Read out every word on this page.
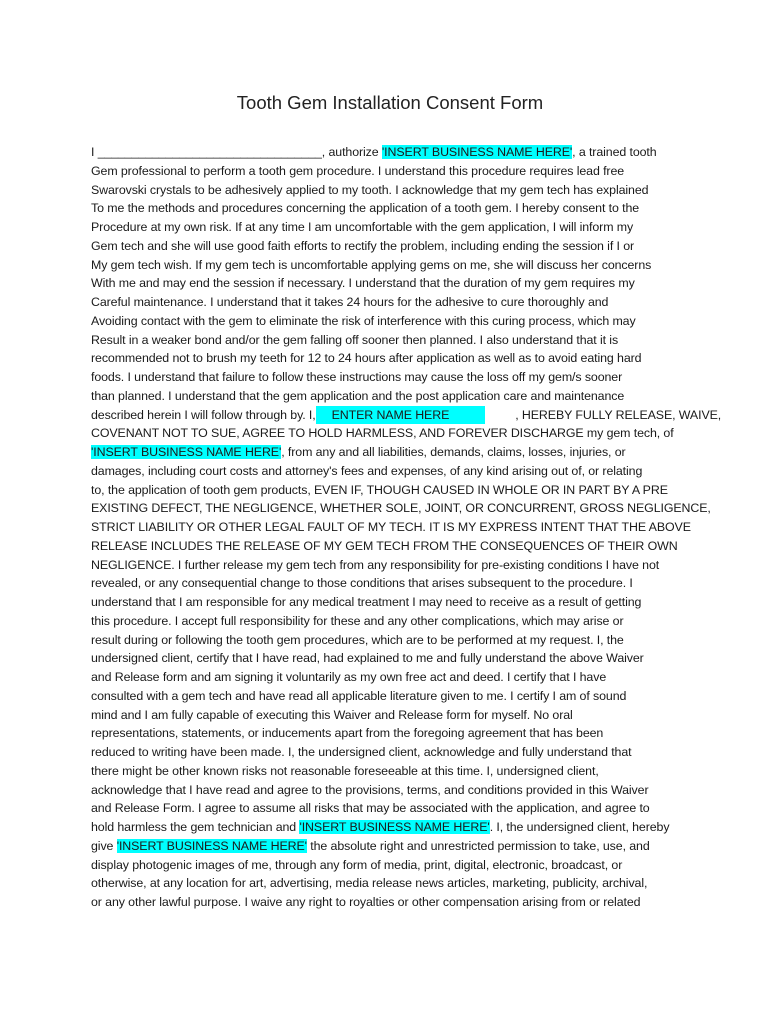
Tooth Gem Installation Consent Form
I _________________________________, authorize 'INSERT BUSINESS NAME HERE', a trained tooth
Gem professional to perform a tooth gem procedure. I understand this procedure requires lead free
Swarovski crystals to be adhesively applied to my tooth. I acknowledge that my gem tech has explained
To me the methods and procedures concerning the application of a tooth gem. I hereby consent to the
Procedure at my own risk. If at any time I am uncomfortable with the gem application, I will inform my
Gem tech and she will use good faith efforts to rectify the problem, including ending the session if I or
My gem tech wish. If my gem tech is uncomfortable applying gems on me, she will discuss her concerns
With me and may end the session if necessary. I understand that the duration of my gem requires my
Careful maintenance. I understand that it takes 24 hours for the adhesive to cure thoroughly and
Avoiding contact with the gem to eliminate the risk of interference with this curing process, which may
Result in a weaker bond and/or the gem falling off sooner then planned. I also understand that it is
recommended not to brush my teeth for 12 to 24 hours after application as well as to avoid eating hard
foods. I understand that failure to follow these instructions may cause the loss off my gem/s sooner
than planned. I understand that the gem application and the post application care and maintenance
described herein I will follow through by. I, ENTER NAME HERE	, HEREBY FULLY RELEASE, WAIVE,
COVENANT NOT TO SUE, AGREE TO HOLD HARMLESS, AND FOREVER DISCHARGE my gem tech, of
'INSERT BUSINESS NAME HERE', from any and all liabilities, demands, claims, losses, injuries, or
damages, including court costs and attorney's fees and expenses, of any kind arising out of, or relating
to, the application of tooth gem products, EVEN IF, THOUGH CAUSED IN WHOLE OR IN PART BY A PRE
EXISTING DEFECT, THE NEGLIGENCE, WHETHER SOLE, JOINT, OR CONCURRENT, GROSS NEGLIGENCE,
STRICT LIABILITY OR OTHER LEGAL FAULT OF MY TECH. IT IS MY EXPRESS INTENT THAT THE ABOVE
RELEASE INCLUDES THE RELEASE OF MY GEM TECH FROM THE CONSEQUENCES OF THEIR OWN
NEGLIGENCE. I further release my gem tech from any responsibility for pre-existing conditions I have not
revealed, or any consequential change to those conditions that arises subsequent to the procedure. I
understand that I am responsible for any medical treatment I may need to receive as a result of getting
this procedure. I accept full responsibility for these and any other complications, which may arise or
result during or following the tooth gem procedures, which are to be performed at my request. I, the
undersigned client, certify that I have read, had explained to me and fully understand the above Waiver
and Release form and am signing it voluntarily as my own free act and deed. I certify that I have
consulted with a gem tech and have read all applicable literature given to me. I certify I am of sound
mind and I am fully capable of executing this Waiver and Release form for myself. No oral
representations, statements, or inducements apart from the foregoing agreement that has been
reduced to writing have been made. I, the undersigned client, acknowledge and fully understand that
there might be other known risks not reasonable foreseeable at this time. I, undersigned client,
acknowledge that I have read and agree to the provisions, terms, and conditions provided in this Waiver
and Release Form. I agree to assume all risks that may be associated with the application, and agree to
hold harmless the gem technician and 'INSERT BUSINESS NAME HERE'. I, the undersigned client, hereby
give 'INSERT BUSINESS NAME HERE' the absolute right and unrestricted permission to take, use, and
display photogenic images of me, through any form of media, print, digital, electronic, broadcast, or
otherwise, at any location for art, advertising, media release news articles, marketing, publicity, archival,
or any other lawful purpose. I waive any right to royalties or other compensation arising from or related
